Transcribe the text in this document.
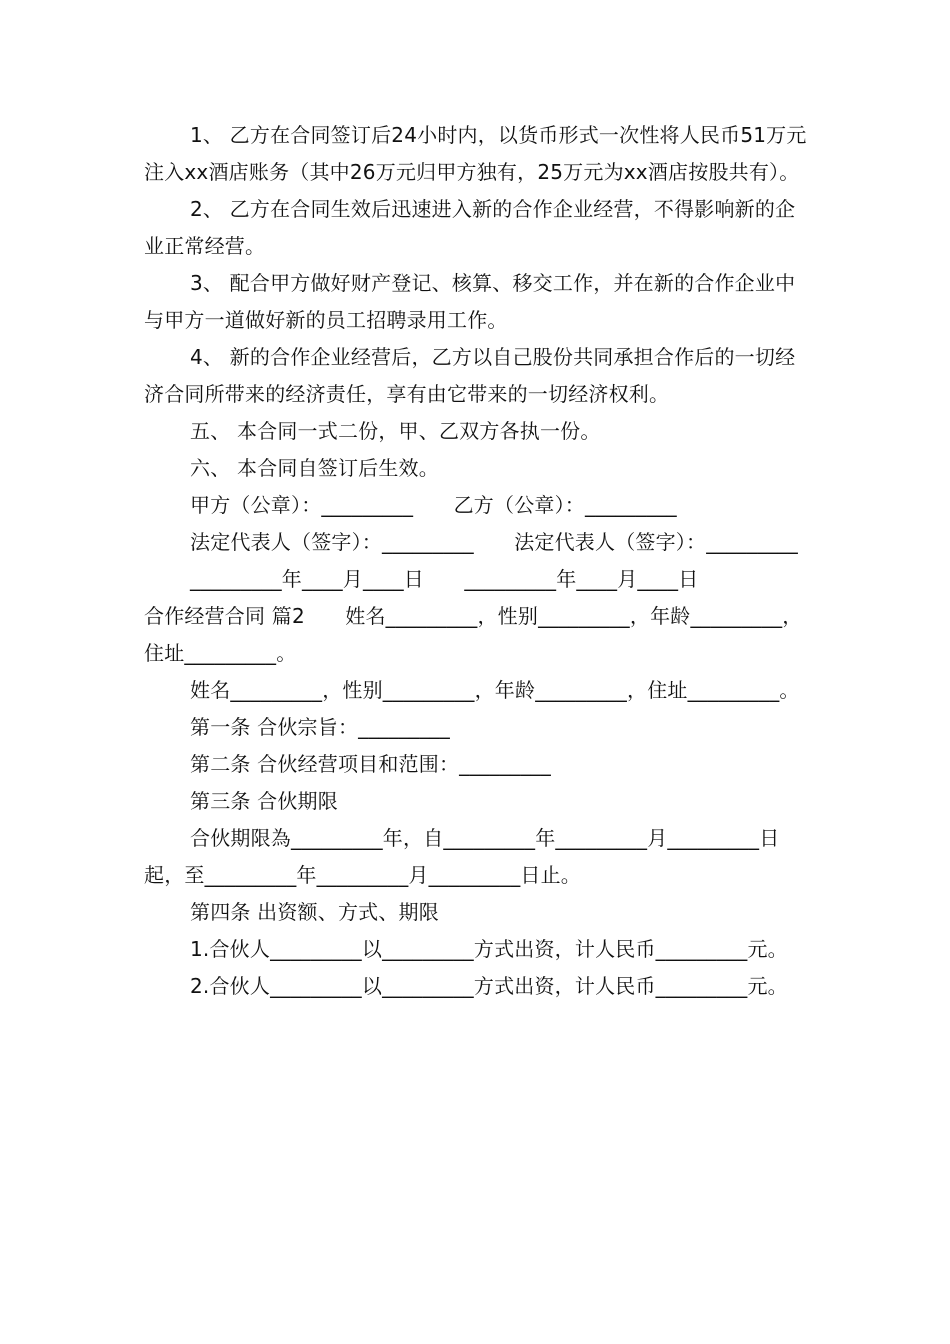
1、 乙方在合同签订后24小时内，以货币形式一次性将人民币51万元注入xx酒店账务（其中26万元归甲方独有，25万元为xx酒店按股共有）。

2、 乙方在合同生效后迅速进入新的合作企业经营，不得影响新的企业正常经营。

3、 配合甲方做好财产登记、核算、移交工作，并在新的合作企业中与甲方一道做好新的员工招聘录用工作。

4、 新的合作企业经营后，乙方以自己股份共同承担合作后的一切经济合同所带来的经济责任，享有由它带来的一切经济权利。

五、 本合同一式二份，甲、乙双方各执一份。

六、 本合同自签订后生效。

甲方（公章）：_________　　乙方（公章）：_________

法定代表人（签字）：_________　　法定代表人（签字）：_________

_________年____月____日　　_________年____月____日

合作经营合同 篇2　　姓名_________，性别_________，年龄_________，住址_________。

姓名_________，性别_________，年龄_________，住址_________。

第一条 合伙宗旨：_________

第二条 合伙经营项目和范围：_________

第三条 合伙期限

合伙期限為_________年，自_________年_________月_________日起，至_________年_________月_________日止。

第四条 出资额、方式、期限

1.合伙人_________以_________方式出资，计人民币_________元。

2.合伙人_________以_________方式出资，计人民币_________元。
